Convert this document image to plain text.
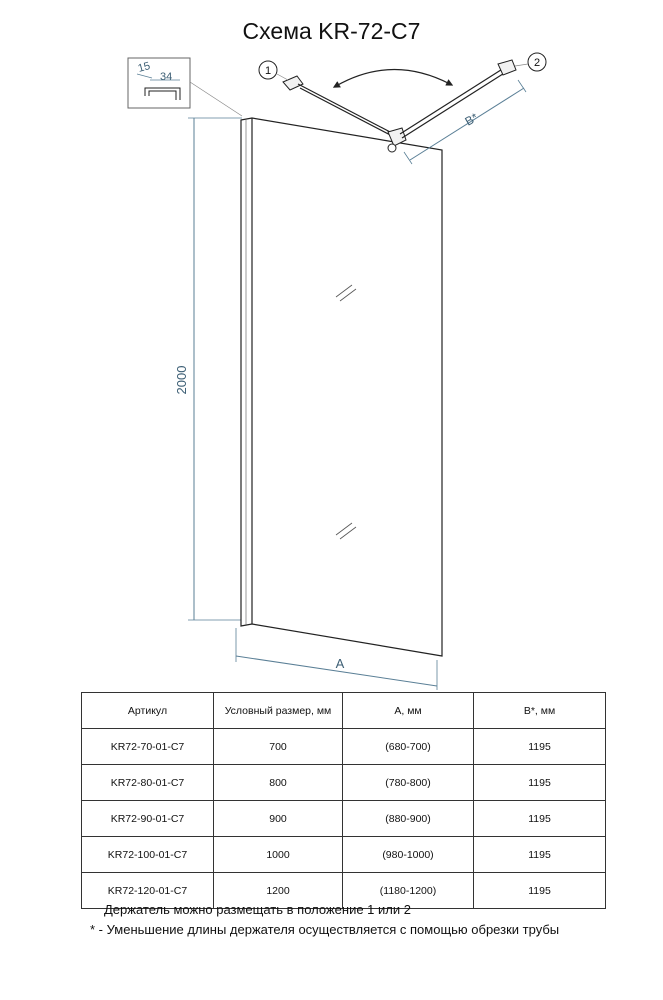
Схема KR-72-C7
15
34
2000
A
B*
1
2
Артикул	Условный размер, мм	А, мм	В*, мм
KR72-70-01-C7	700	(680-700)	1195
KR72-80-01-C7	800	(780-800)	1195
KR72-90-01-C7	900	(880-900)	1195
KR72-100-01-C7	1000	(980-1000)	1195
KR72-120-01-C7	1200	(1180-1200)	1195
Держатель можно размещать в положение 1 или 2
* - Уменьшение длины держателя осуществляется с помощью обрезки трубы
